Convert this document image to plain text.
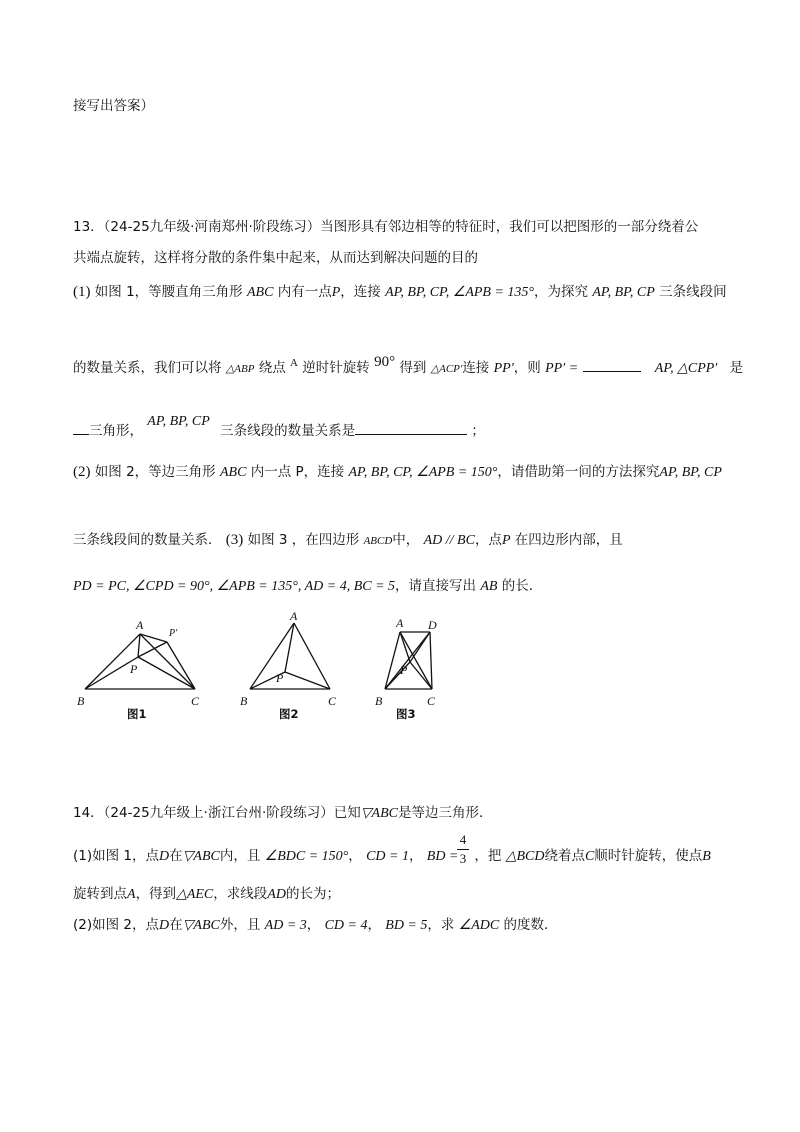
接写出答案）
13．（24-25九年级·河南郑州·阶段练习）当图形具有邻边相等的特征时，我们可以把图形的一部分绕着公
共端点旋转，这样将分散的条件集中起来，从而达到解决问题的目的
(1) 如图 1，等腰直角三角形 ABC 内有一点P，连接 AP, BP, CP, ∠APB = 135°，为探究 AP, BP, CP 三条线段间
的数量关系，我们可以将 △ABP 绕点 $^A$ 逆时针旋转 90° 得到 △ACP′连接 PP′，则 PP′ =	AP, △CPP′ 是
三角形， AP, BP, CP 三条线段的数量关系是	；
(2) 如图 2，等边三角形 ABC 内一点 P，连接 AP, BP, CP, ∠APB = 150°，请借助第一问的方法探究AP, BP, CP
三条线段间的数量关系． (3) 如图 3 ，在四边形 ABCD中， AD // BC，点P 在四边形内部，且
PD = PC, ∠CPD = 90°, ∠APB = 135°, AD = 4, BC = 5，请直接写出 AB 的长．
A
P′
P
B	C
图1
A
P
B	C
图2
A D
P
B	C
图3
14．（24-25九年级上·浙江台州·阶段练习）已知▽ABC是等边三角形．
(1)如图 1，点D在▽ABC内，且 ∠BDC = 150°， CD = 1， BD = ，把 △BCD绕着点C顺时针旋转，使点B
4
3
旋转到点A，得到△AEC，求线段AD的长为；
(2)如图 2，点D在▽ABC外，且 AD = 3， CD = 4， BD = 5，求 ∠ADC 的度数．
